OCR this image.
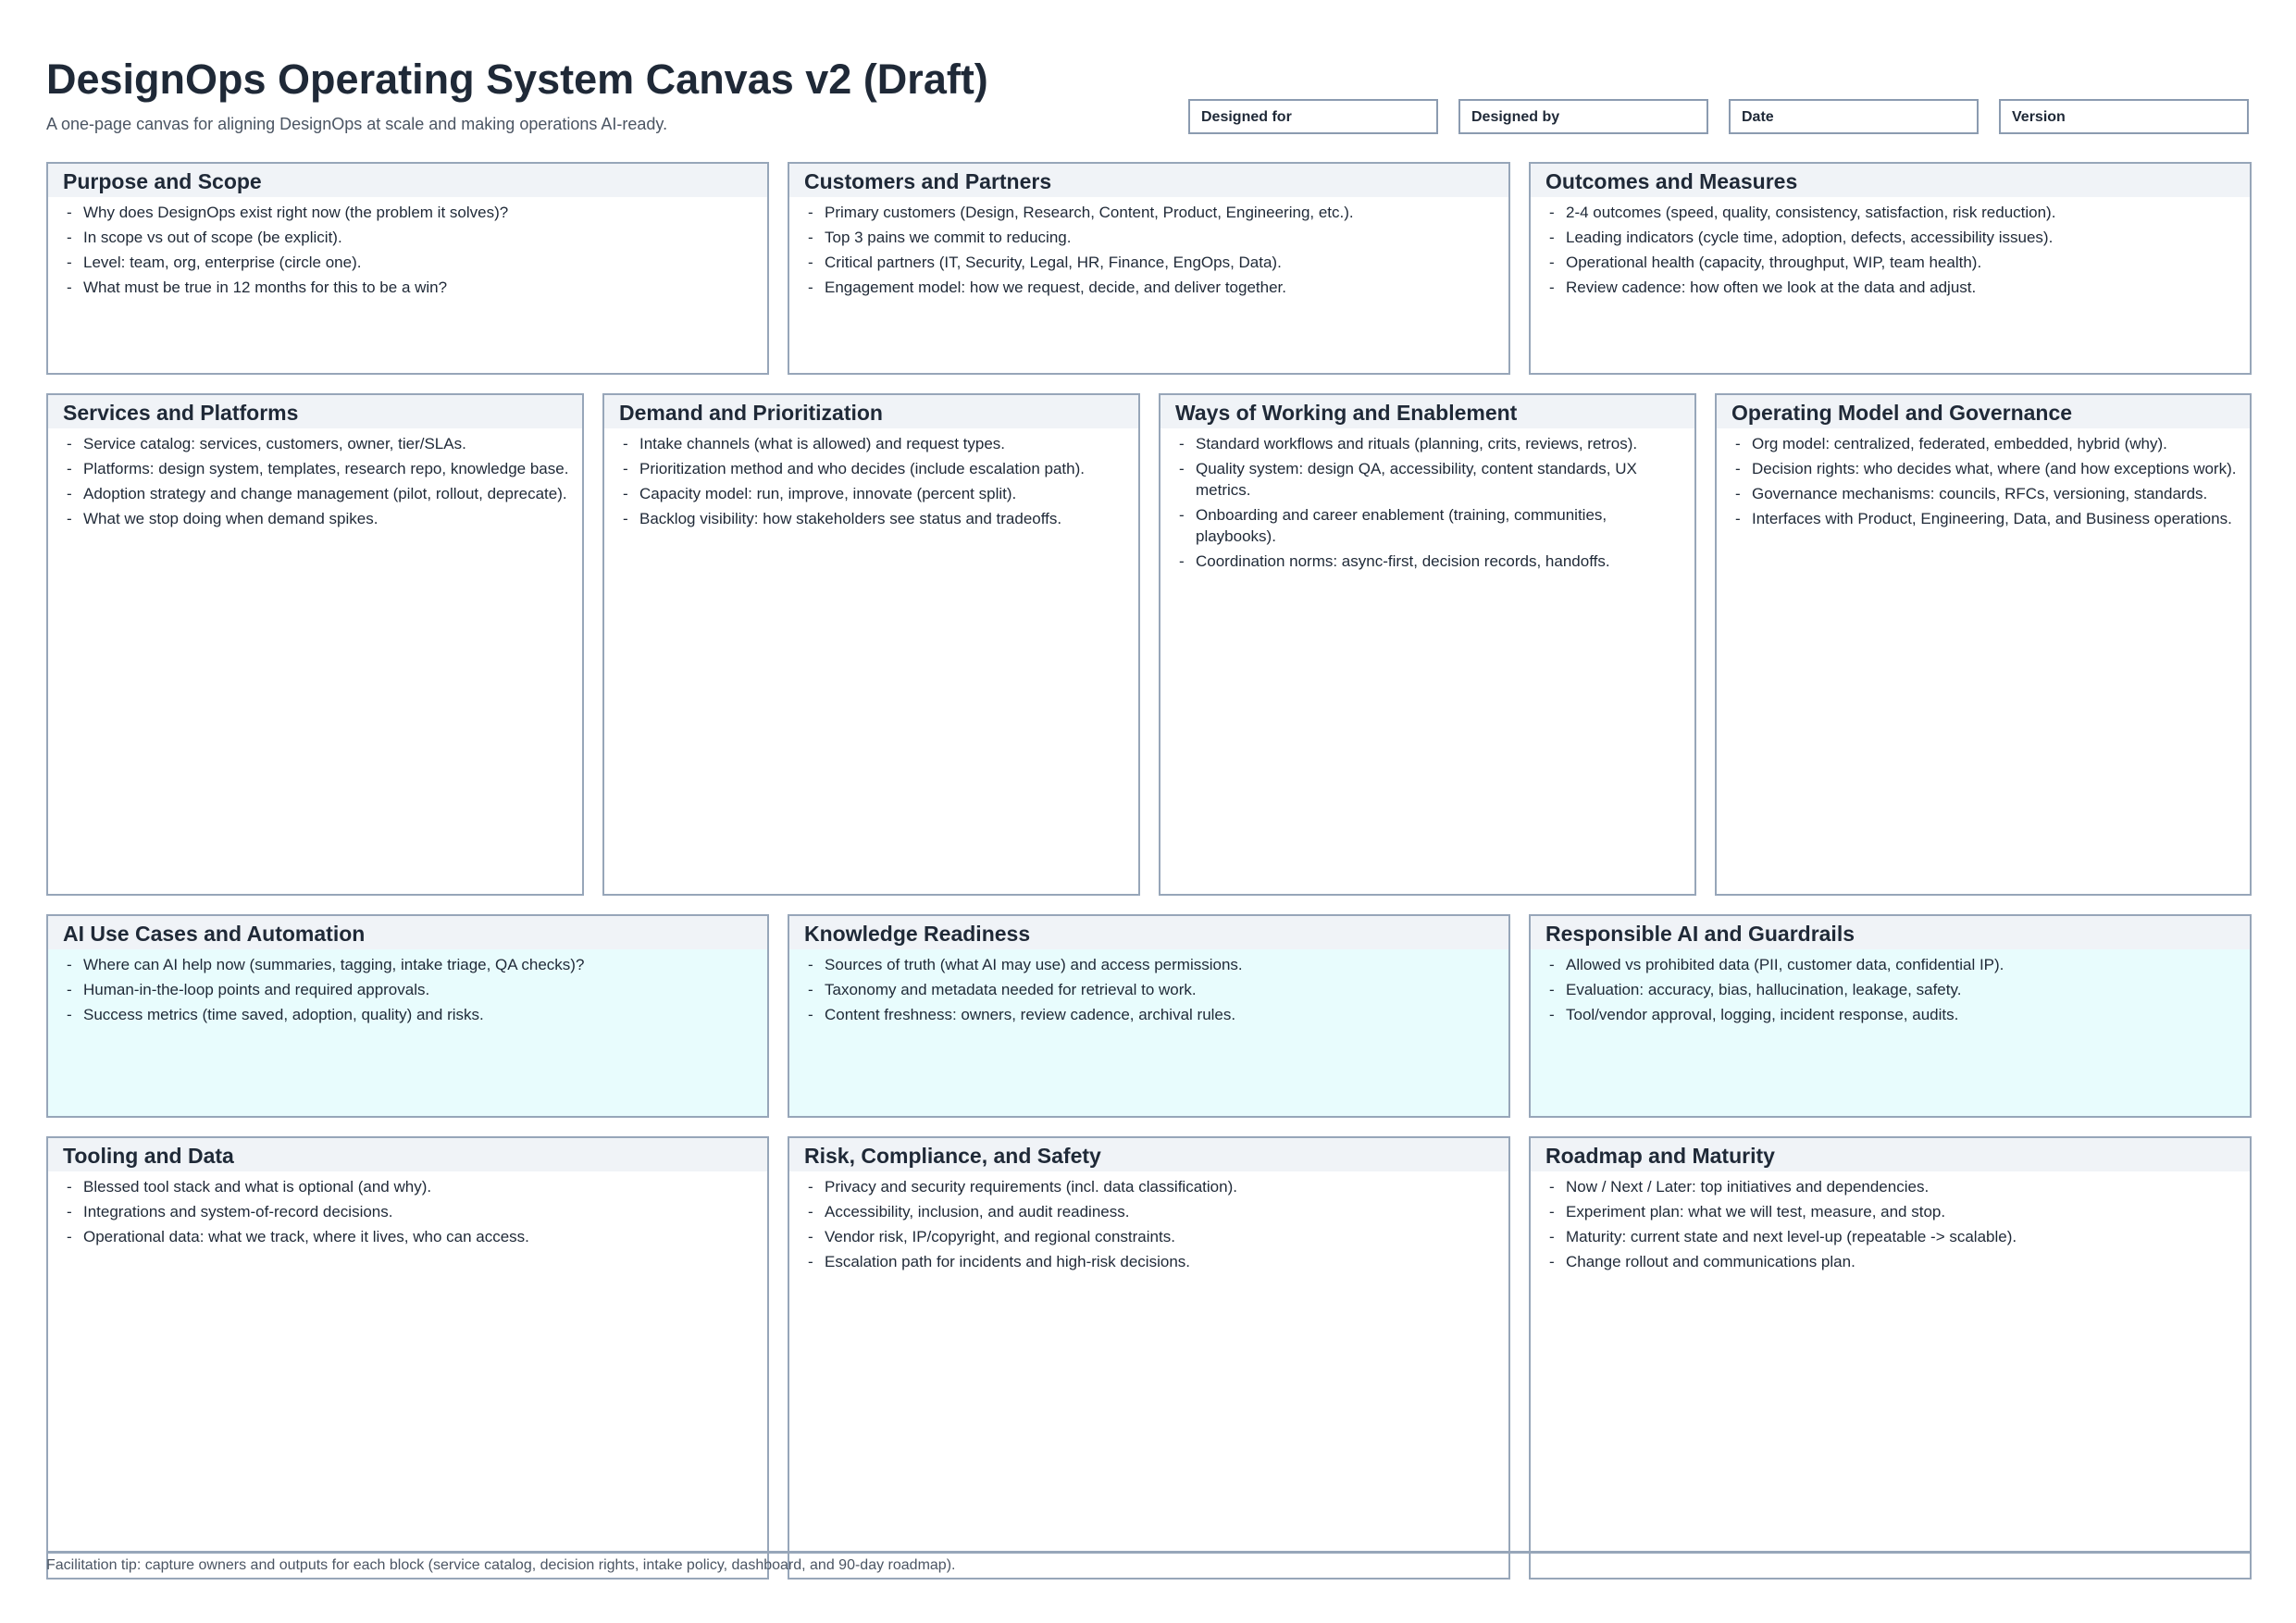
DesignOps Operating System Canvas v2 (Draft)

A one-page canvas for aligning DesignOps at scale and making operations AI-ready.	Designed for	Designed by	Date	Version
Purpose and Scope
- Why does DesignOps exist right now (the problem it solves)?
- In scope vs out of scope (be explicit).
- Level: team, org, enterprise (circle one).
- What must be true in 12 months for this to be a win?
Customers and Partners
- Primary customers (Design, Research, Content, Product, Engineering, etc.).
- Top 3 pains we commit to reducing.
- Critical partners (IT, Security, Legal, HR, Finance, EngOps, Data).
- Engagement model: how we request, decide, and deliver together.
Outcomes and Measures
- 2-4 outcomes (speed, quality, consistency, satisfaction, risk reduction).
- Leading indicators (cycle time, adoption, defects, accessibility issues).
- Operational health (capacity, throughput, WIP, team health).
- Review cadence: how often we look at the data and adjust.
Services and Platforms
- Service catalog: services, customers, owner, tier/SLAs.
- Platforms: design system, templates, research repo, knowledge base.
- Adoption strategy and change management (pilot, rollout, deprecate).
- What we stop doing when demand spikes.
Demand and Prioritization
- Intake channels (what is allowed) and request types.
- Prioritization method and who decides (include escalation path).
- Capacity model: run, improve, innovate (percent split).
- Backlog visibility: how stakeholders see status and tradeoffs.
Ways of Working and Enablement
- Standard workflows and rituals (planning, crits, reviews, retros).
- Quality system: design QA, accessibility, content standards, UX metrics.
- Onboarding and career enablement (training, communities, playbooks).
- Coordination norms: async-first, decision records, handoffs.
Operating Model and Governance
- Org model: centralized, federated, embedded, hybrid (why).
- Decision rights: who decides what, where (and how exceptions work).
- Governance mechanisms: councils, RFCs, versioning, standards.
- Interfaces with Product, Engineering, Data, and Business operations.
AI Use Cases and Automation
- Where can AI help now (summaries, tagging, intake triage, QA checks)?
- Human-in-the-loop points and required approvals.
- Success metrics (time saved, adoption, quality) and risks.
Knowledge Readiness
- Sources of truth (what AI may use) and access permissions.
- Taxonomy and metadata needed for retrieval to work.
- Content freshness: owners, review cadence, archival rules.
Responsible AI and Guardrails
- Allowed vs prohibited data (PII, customer data, confidential IP).
- Evaluation: accuracy, bias, hallucination, leakage, safety.
- Tool/vendor approval, logging, incident response, audits.
Tooling and Data
- Blessed tool stack and what is optional (and why).
- Integrations and system-of-record decisions.
- Operational data: what we track, where it lives, who can access.
Risk, Compliance, and Safety
- Privacy and security requirements (incl. data classification).
- Accessibility, inclusion, and audit readiness.
- Vendor risk, IP/copyright, and regional constraints.
- Escalation path for incidents and high-risk decisions.
Roadmap and Maturity
- Now / Next / Later: top initiatives and dependencies.
- Experiment plan: what we will test, measure, and stop.
- Maturity: current state and next level-up (repeatable -> scalable).
- Change rollout and communications plan.
Facilitation tip: capture owners and outputs for each block (service catalog, decision rights, intake policy, dashboard, and 90-day roadmap).
